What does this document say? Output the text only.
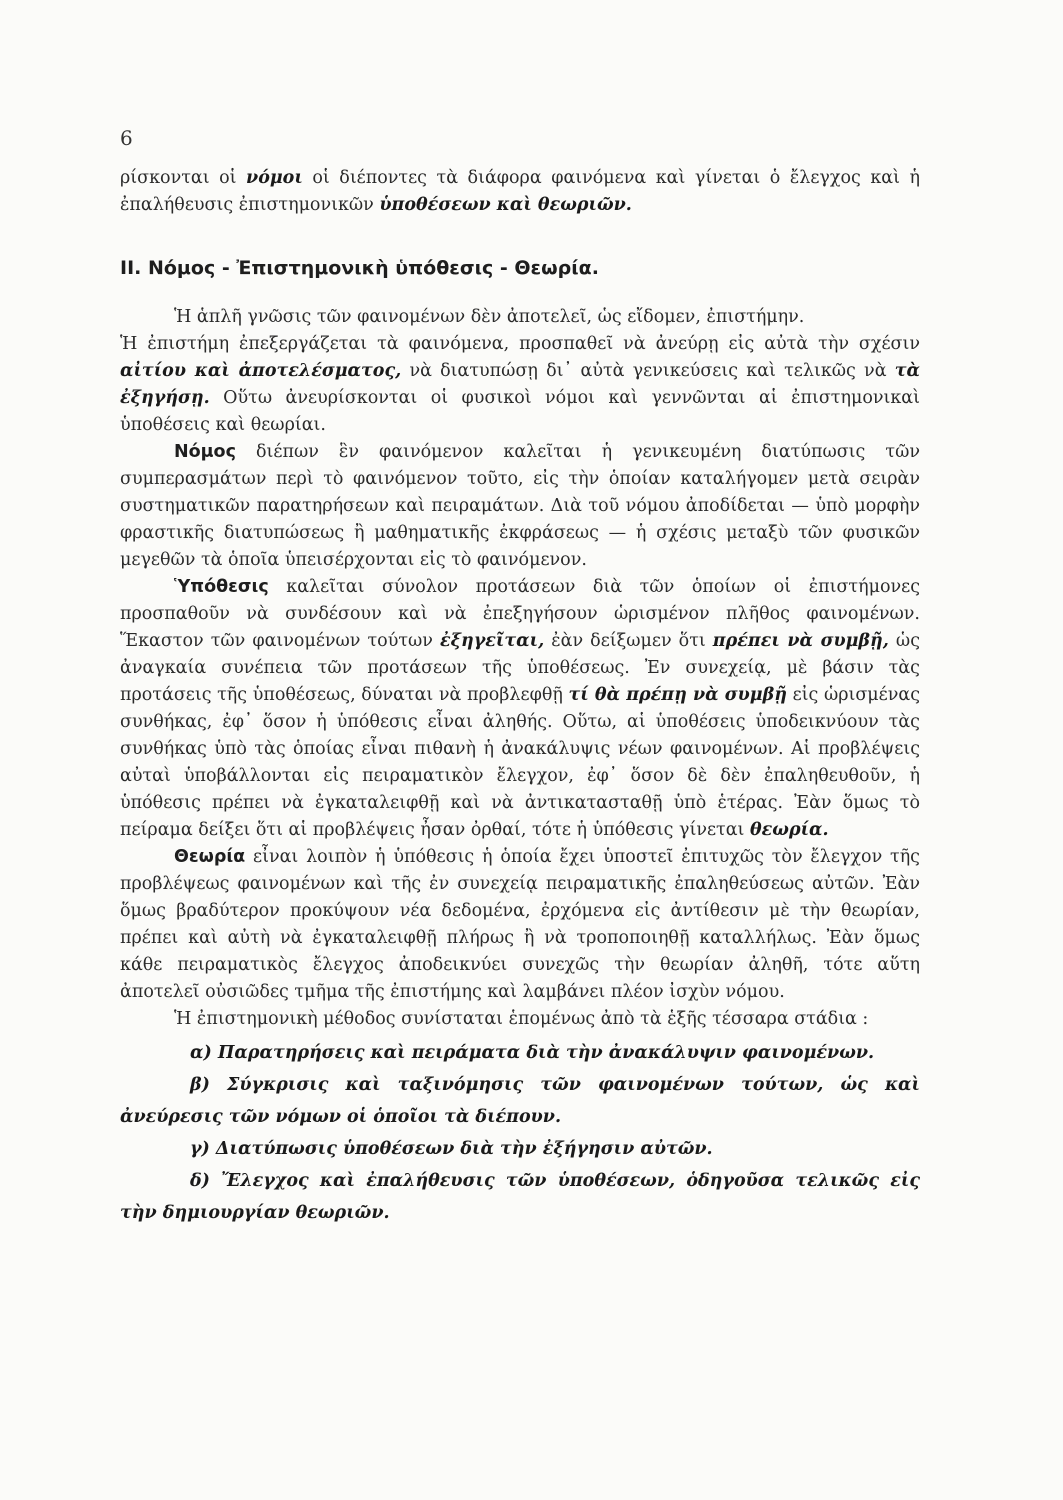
6

ρίσκονται οἱ νόμοι οἱ διέποντες τὰ διάφορα φαινόμενα καὶ γίνεται ὁ ἔλεγχος καὶ ἡ ἐπαλήθευσις ἐπιστημονικῶν ὑποθέσεων καὶ θεωριῶν.

II. Νόμος - Ἐπιστημονικὴ ὑπόθεσις - Θεωρία.

Ἡ ἁπλῆ γνῶσις τῶν φαινομένων δὲν ἀποτελεῖ, ὡς εἴδομεν, ἐπιστήμην.

Ἡ ἐπιστήμη ἐπεξεργάζεται τὰ φαινόμενα, προσπαθεῖ νὰ ἀνεύρῃ εἰς αὐτὰ τὴν σχέσιν αἰτίου καὶ ἀποτελέσματος, νὰ διατυπώσῃ δι᾽ αὐτὰ γενικεύσεις καὶ τελικῶς νὰ τὰ ἐξηγήσῃ. Οὕτω ἀνευρίσκονται οἱ φυσικοὶ νόμοι καὶ γεννῶνται αἱ ἐπιστημονικαὶ ὑποθέσεις καὶ θεωρίαι.

Νόμος διέπων ἓν φαινόμενον καλεῖται ἡ γενικευμένη διατύπωσις τῶν συμπερασμάτων περὶ τὸ φαινόμενον τοῦτο, εἰς τὴν ὁποίαν καταλήγομεν μετὰ σειρὰν συστηματικῶν παρατηρήσεων καὶ πειραμάτων. Διὰ τοῦ νόμου ἀποδίδεται — ὑπὸ μορφὴν φραστικῆς διατυπώσεως ἢ μαθηματικῆς ἐκφράσεως — ἡ σχέσις μεταξὺ τῶν φυσικῶν μεγεθῶν τὰ ὁποῖα ὑπεισέρχονται εἰς τὸ φαινόμενον.

Ὑπόθεσις καλεῖται σύνολον προτάσεων διὰ τῶν ὁποίων οἱ ἐπιστήμονες προσπαθοῦν νὰ συνδέσουν καὶ νὰ ἐπεξηγήσουν ὡρισμένον πλῆθος φαινομένων. Ἕκαστον τῶν φαινομένων τούτων ἐξηγεῖται, ἐὰν δείξωμεν ὅτι πρέπει νὰ συμβῇ, ὡς ἀναγκαία συνέπεια τῶν προτάσεων τῆς ὑποθέσεως. Ἐν συνεχείᾳ, μὲ βάσιν τὰς προτάσεις τῆς ὑποθέσεως, δύναται νὰ προβλεφθῇ τί θὰ πρέπῃ νὰ συμβῇ εἰς ὡρισμένας συνθήκας, ἐφ᾽ ὅσον ἡ ὑπόθεσις εἶναι ἀληθής. Οὕτω, αἱ ὑποθέσεις ὑποδεικνύουν τὰς συνθήκας ὑπὸ τὰς ὁποίας εἶναι πιθανὴ ἡ ἀνακάλυψις νέων φαινομένων. Αἱ προβλέψεις αὐταὶ ὑποβάλλονται εἰς πειραματικὸν ἔλεγχον, ἐφ᾽ ὅσον δὲ δὲν ἐπαληθευθοῦν, ἡ ὑπόθεσις πρέπει νὰ ἐγκαταλειφθῇ καὶ νὰ ἀντικατασταθῇ ὑπὸ ἑτέρας. Ἐὰν ὅμως τὸ πείραμα δείξει ὅτι αἱ προβλέψεις ἦσαν ὀρθαί, τότε ἡ ὑπόθεσις γίνεται θεωρία.

Θεωρία εἶναι λοιπὸν ἡ ὑπόθεσις ἡ ὁποία ἔχει ὑποστεῖ ἐπιτυχῶς τὸν ἔλεγχον τῆς προβλέψεως φαινομένων καὶ τῆς ἐν συνεχείᾳ πειραματικῆς ἐπαληθεύσεως αὐτῶν. Ἐὰν ὅμως βραδύτερον προκύψουν νέα δεδομένα, ἐρχόμενα εἰς ἀντίθεσιν μὲ τὴν θεωρίαν, πρέπει καὶ αὐτὴ νὰ ἐγκαταλειφθῇ πλήρως ἢ νὰ τροποποιηθῇ καταλλήλως. Ἐὰν ὅμως κάθε πειραματικὸς ἔλεγχος ἀποδεικνύει συνεχῶς τὴν θεωρίαν ἀληθῆ, τότε αὕτη ἀποτελεῖ οὐσιῶδες τμῆμα τῆς ἐπιστήμης καὶ λαμβάνει πλέον ἰσχὺν νόμου.

Ἡ ἐπιστημονικὴ μέθοδος συνίσταται ἑπομένως ἀπὸ τὰ ἑξῆς τέσσαρα στάδια :

α) Παρατηρήσεις καὶ πειράματα διὰ τὴν ἀνακάλυψιν φαινομένων.

β) Σύγκρισις καὶ ταξινόμησις τῶν φαινομένων τούτων, ὡς καὶ ἀνεύρεσις τῶν νόμων οἱ ὁποῖοι τὰ διέπουν.

γ) Διατύπωσις ὑποθέσεων διὰ τὴν ἐξήγησιν αὐτῶν.

δ) Ἔλεγχος καὶ ἐπαλήθευσις τῶν ὑποθέσεων, ὁδηγοῦσα τελικῶς εἰς τὴν δημιουργίαν θεωριῶν.
